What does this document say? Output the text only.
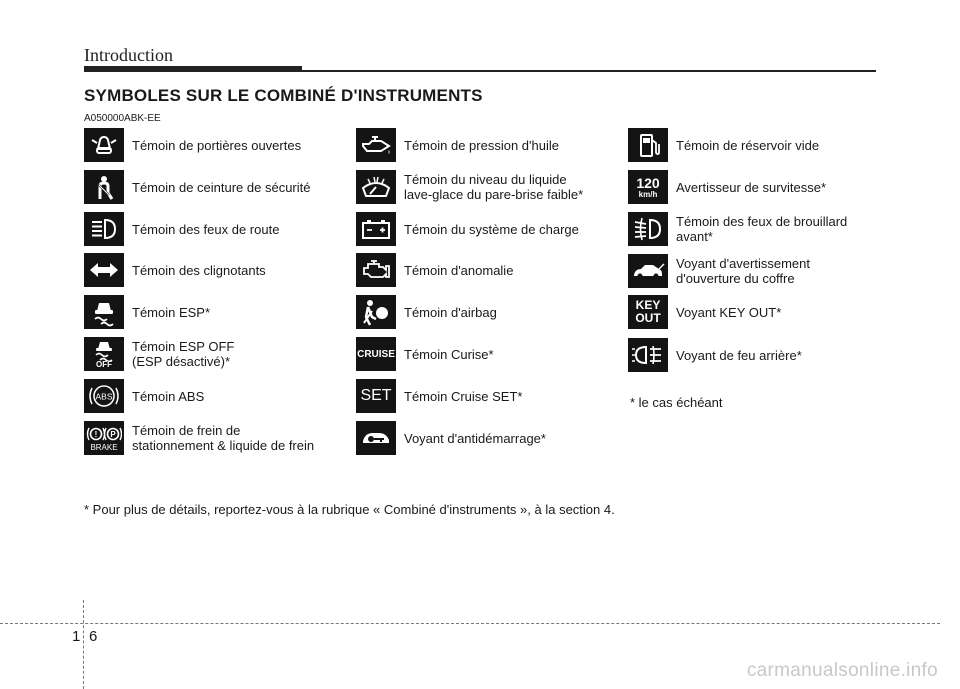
Introduction
SYMBOLES SUR LE COMBINÉ D'INSTRUMENTS
A050000ABK-EE
Témoin de portières ouvertes
Témoin de ceinture de sécurité
Témoin des feux de route
Témoin des clignotants
Témoin ESP*
OFF
Témoin ESP OFF
(ESP désactivé)*
ABS Témoin ABS
! P
BRAKE
Témoin de frein de
stationnement & liquide de frein
Témoin de pression d'huile
Témoin du niveau du liquide
lave-glace du pare-brise faible*
Témoin du système de charge
Témoin d'anomalie
Témoin d'airbag
CRUISE Témoin Curise*
SET Témoin Cruise SET*
Voyant d'antidémarrage*
Témoin de réservoir vide
120
km/h Avertisseur de survitesse*
Témoin des feux de brouillard
avant*
Voyant d'avertissement
d'ouverture du coffre
KEY
OUT Voyant KEY OUT*
Voyant de feu arrière*
* le cas échéant
* Pour plus de détails, reportez-vous à la rubrique « Combiné d'instruments », à la section 4.
1 6
carmanualsonline.info
